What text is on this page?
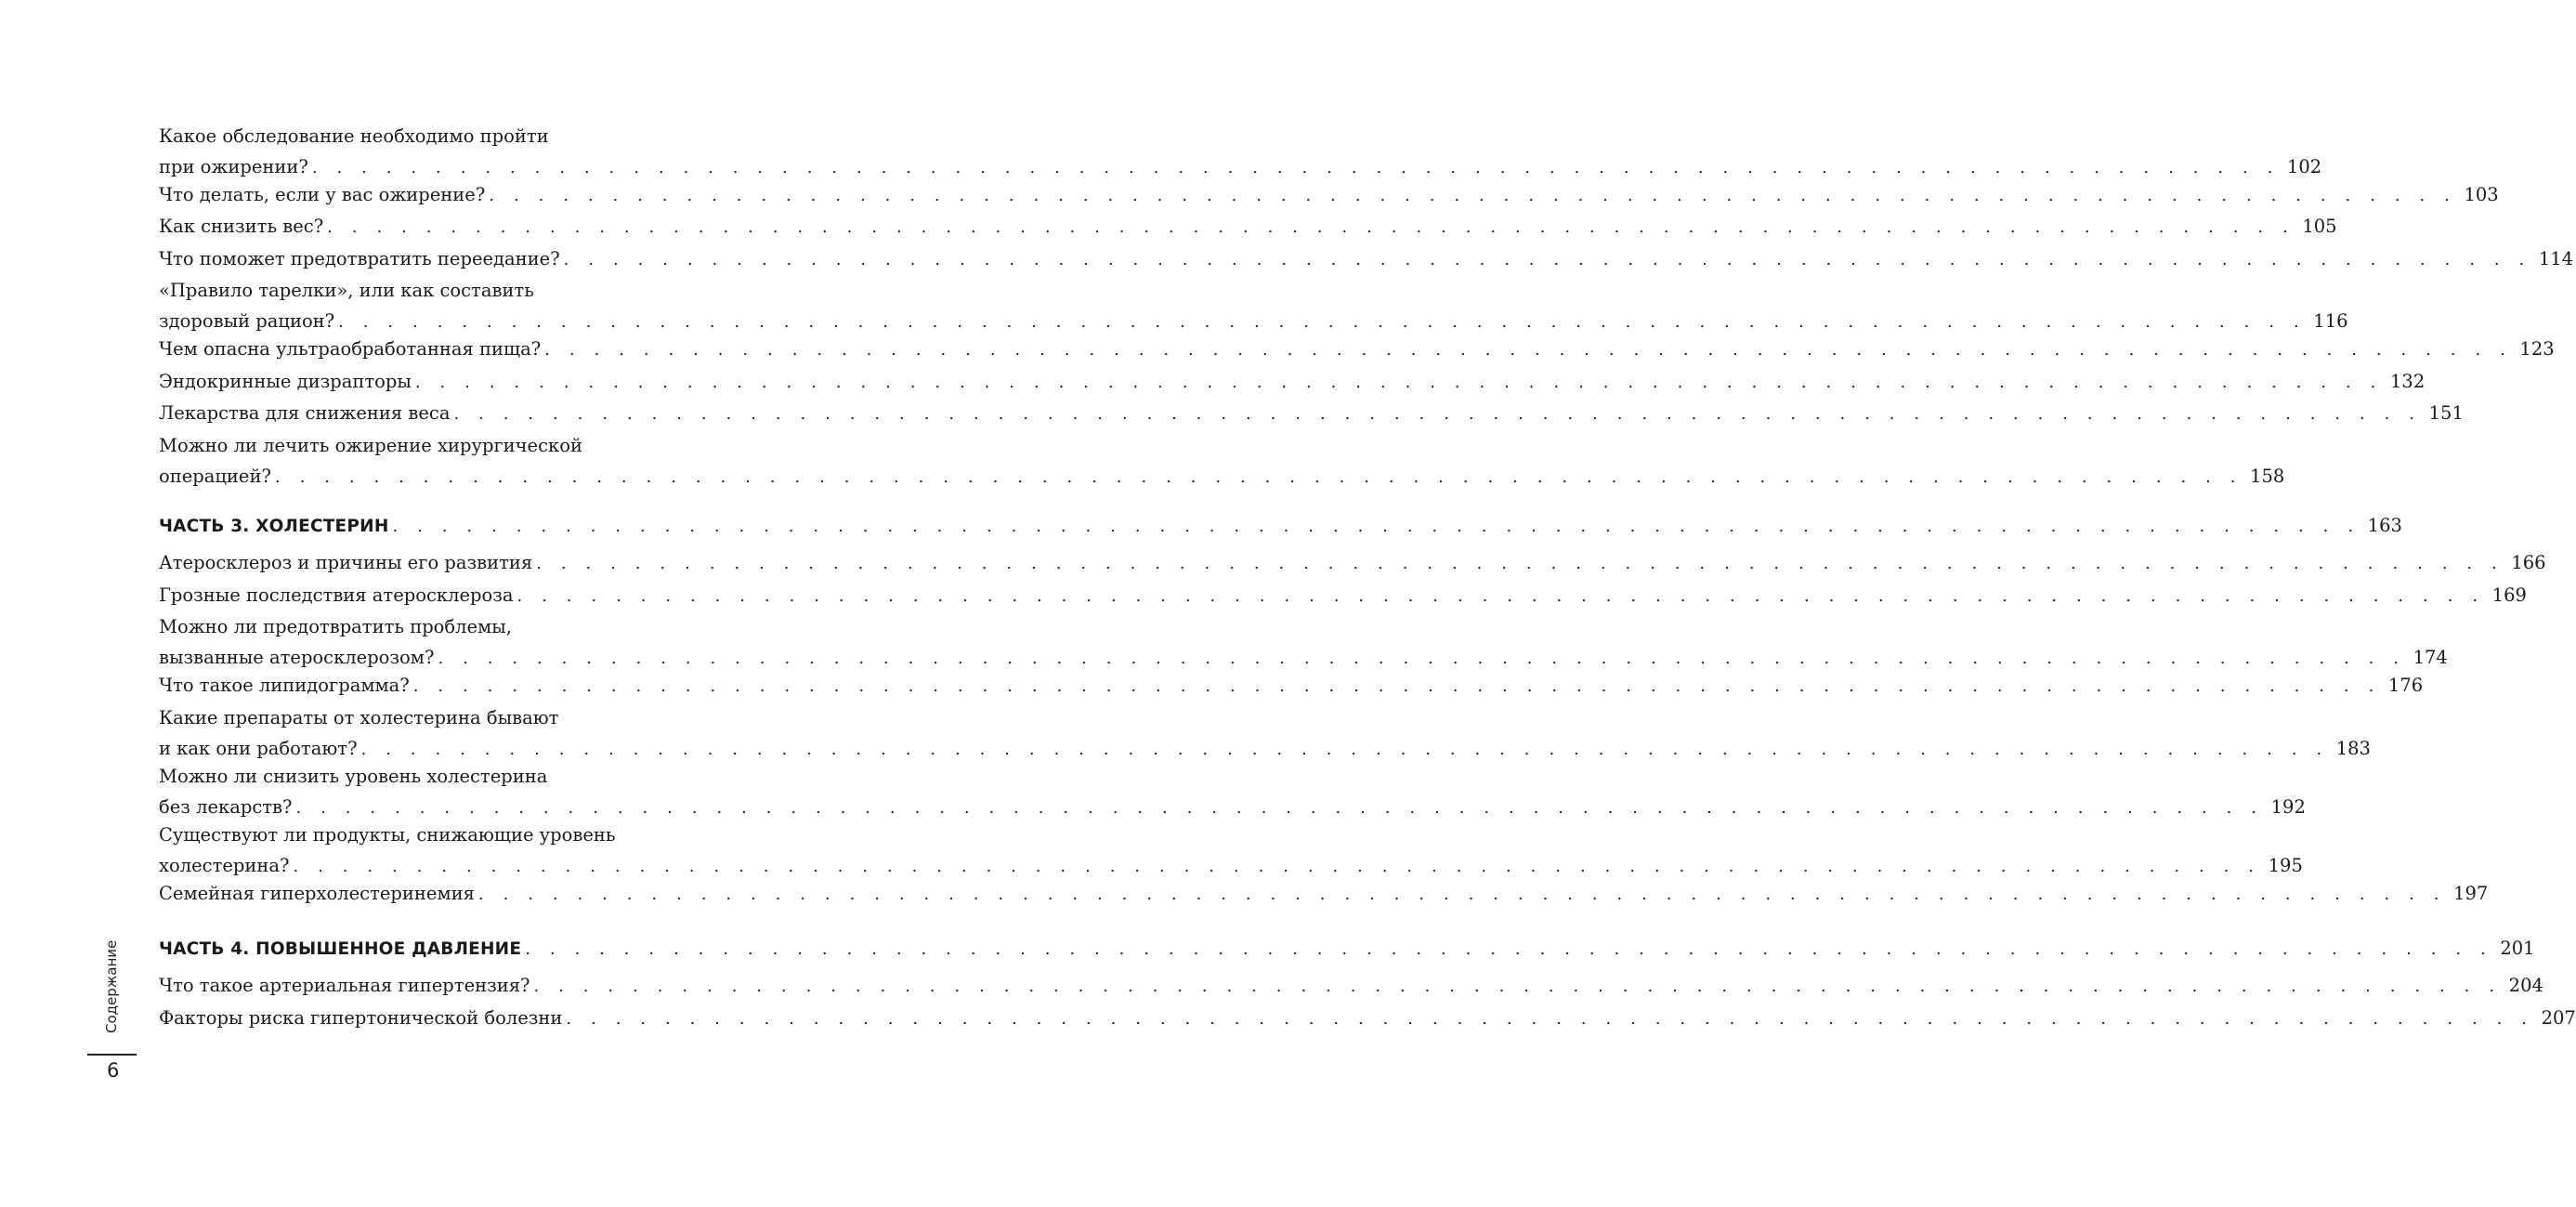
Какое обследование необходимо пройти
при ожирении? . . . . . . . . . . . . . . . . . . . . . . . . . . . . . . . . . . . . . . . . . . . . . . . . . . . . . . . . . . . . . . . . . . . . . . . . . . . . . . . . 102
Что делать, если у вас ожирение? . . . . . . . . . . . . . . . . . . . . . . . . . . . . . . . . . . . . . . . . . . . . . . . . . . . . . . . . . . . . . . . . . . . . . . . . . . . . . . . . 103
Как снизить вес? . . . . . . . . . . . . . . . . . . . . . . . . . . . . . . . . . . . . . . . . . . . . . . . . . . . . . . . . . . . . . . . . . . . . . . . . . . . . . . . . 105
Что поможет предотвратить переедание? . . . . . . . . . . . . . . . . . . . . . . . . . . . . . . . . . . . . . . . . . . . . . . . . . . . . . . . . . . . . . . . . . . . . . . . . . . . . . . . . 114
«Правило тарелки», или как составить
здоровый рацион? . . . . . . . . . . . . . . . . . . . . . . . . . . . . . . . . . . . . . . . . . . . . . . . . . . . . . . . . . . . . . . . . . . . . . . . . . . . . . . . . 116
Чем опасна ультраобработанная пища? . . . . . . . . . . . . . . . . . . . . . . . . . . . . . . . . . . . . . . . . . . . . . . . . . . . . . . . . . . . . . . . . . . . . . . . . . . . . . . . . 123
Эндокринные дизрапторы . . . . . . . . . . . . . . . . . . . . . . . . . . . . . . . . . . . . . . . . . . . . . . . . . . . . . . . . . . . . . . . . . . . . . . . . . . . . . . . . 132
Лекарства для снижения веса . . . . . . . . . . . . . . . . . . . . . . . . . . . . . . . . . . . . . . . . . . . . . . . . . . . . . . . . . . . . . . . . . . . . . . . . . . . . . . . . 151
Можно ли лечить ожирение хирургической
операцией? . . . . . . . . . . . . . . . . . . . . . . . . . . . . . . . . . . . . . . . . . . . . . . . . . . . . . . . . . . . . . . . . . . . . . . . . . . . . . . . . 158
ЧАСТЬ 3. ХОЛЕСТЕРИН . . . . . . . . . . . . . . . . . . . . . . . . . . . . . . . . . . . . . . . . . . . . . . . . . . . . . . . . . . . . . . . . . . . . . . . . . . . . . . . . 163
Атеросклероз и причины его развития . . . . . . . . . . . . . . . . . . . . . . . . . . . . . . . . . . . . . . . . . . . . . . . . . . . . . . . . . . . . . . . . . . . . . . . . . . . . . . . . 166
Грозные последствия атеросклероза . . . . . . . . . . . . . . . . . . . . . . . . . . . . . . . . . . . . . . . . . . . . . . . . . . . . . . . . . . . . . . . . . . . . . . . . . . . . . . . . 169
Можно ли предотвратить проблемы,
вызванные атеросклерозом? . . . . . . . . . . . . . . . . . . . . . . . . . . . . . . . . . . . . . . . . . . . . . . . . . . . . . . . . . . . . . . . . . . . . . . . . . . . . . . . . 174
Что такое липидограмма? . . . . . . . . . . . . . . . . . . . . . . . . . . . . . . . . . . . . . . . . . . . . . . . . . . . . . . . . . . . . . . . . . . . . . . . . . . . . . . . . 176
Какие препараты от холестерина бывают
и как они работают? . . . . . . . . . . . . . . . . . . . . . . . . . . . . . . . . . . . . . . . . . . . . . . . . . . . . . . . . . . . . . . . . . . . . . . . . . . . . . . . . 183
Можно ли снизить уровень холестерина
без лекарств? . . . . . . . . . . . . . . . . . . . . . . . . . . . . . . . . . . . . . . . . . . . . . . . . . . . . . . . . . . . . . . . . . . . . . . . . . . . . . . . . 192
Существуют ли продукты, снижающие уровень
холестерина? . . . . . . . . . . . . . . . . . . . . . . . . . . . . . . . . . . . . . . . . . . . . . . . . . . . . . . . . . . . . . . . . . . . . . . . . . . . . . . . . 195
Семейная гиперхолестеринемия . . . . . . . . . . . . . . . . . . . . . . . . . . . . . . . . . . . . . . . . . . . . . . . . . . . . . . . . . . . . . . . . . . . . . . . . . . . . . . . . 197
ЧАСТЬ 4. ПОВЫШЕННОЕ ДАВЛЕНИЕ . . . . . . . . . . . . . . . . . . . . . . . . . . . . . . . . . . . . . . . . . . . . . . . . . . . . . . . . . . . . . . . . . . . . . . . . . . . . . . . . 201
Что такое артериальная гипертензия? . . . . . . . . . . . . . . . . . . . . . . . . . . . . . . . . . . . . . . . . . . . . . . . . . . . . . . . . . . . . . . . . . . . . . . . . . . . . . . . . 204
Факторы риска гипертонической болезни . . . . . . . . . . . . . . . . . . . . . . . . . . . . . . . . . . . . . . . . . . . . . . . . . . . . . . . . . . . . . . . . . . . . . . . . . . . . . . . . 207
Содержание
6
